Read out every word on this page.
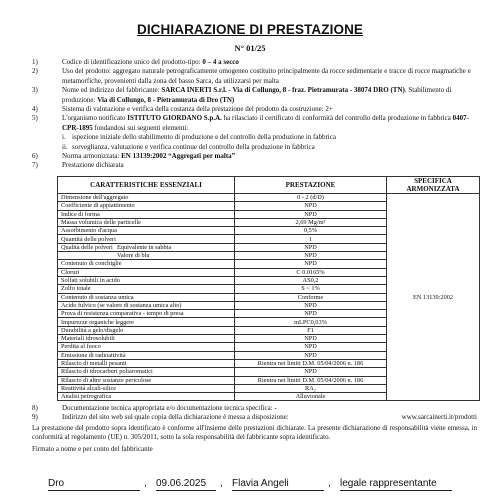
DICHIARAZIONE DI PRESTAZIONE
N° 01/25
1)	Codice di identificazione unico del prodotto-tipo: 0 – 4 a secco
2)	Uso del prodotto: aggregato naturale petrograficamente omogeneo costituito principalmente da rocce sedimentarie e tracce di rocce magmatiche e metamorfiche, provenienti dalla zona del basso Sarca, da utilizzarsi per malta
3)	Nome ed indirizzo del fabbricante: SARCA INERTI S.r.l. - Via di Collungo, 8 - fraz. Pietramurata - 38074 DRO (TN). Stabilimento di produzione: Via di Collungo, 8 - Pietramurata di Dro (TN)
4)	Sistema di valutazione e verifica della costanza della prestazione del prodotto da costruzione: 2+
5)	L'organismo notificato ISTITUTO GIORDANO S.p.A. ha rilasciato il certificato di conformità del controllo della produzione in fabbrica 0407-CPR-1895 fondandosi sui seguenti elementi:
i. ispezione iniziale dello stabilimento di produzione e del controllo della produzione in fabbrica
ii. sorveglianza, valutazione e verifica continue del controllo della produzione in fabbrica
6)	Norma armonizzata: EN 13139:2002 “Aggregati per malta”
7)	Prestazione dichiarata
CARATTERISTICHE ESSENZIALI	PRESTAZIONE	SPECIFICA ARMONIZZATA
Dimensione dell'aggregato	0 - 2 (d/D)	EN 13139:2002
Coefficiente di appiattimento	NPD	
Indice di forma	NPD	
Massa volumica delle particelle	2,69 Mg/m³	
Assorbimento d'acqua	0,5%	
Quantità delle polveri	1	
Qualità delle polveri Equivalente in sabbia	NPD	
Valore di blu	NPD	
Contenuto di conchiglie	NPD	
Cloruri	C 0.0165%	
Solfati solubili in acido	AS0,2	
Zolfo totale	S < 1%	
Contenuto di sostanza umica	Conforme	
Acido fulvico (se valore di sostanza umica alto)	NPD	
Prova di resistenza comparativa - tempo di presa	NPD	
Impurezze organiche leggere	mLPC0,03%	
Durabilità a gelo/disgelo	F1	
Materiali idrosolubili	NPD	
Perdita al fuoco	NPD	
Emissione di radioattività	NPD	
Rilascio di metalli pesanti	Rientra nei limiti D.M. 05/04/2006 n. 186	
Rilascio di idrocarburi poliaromatici	NPD	
Rilascio di altre sostanze pericolose	Rientra nei limiti D.M. 05/04/2006 n. 186	
Reattività alcali-silice	RA₂	
Analisi petrografica	Alluvionale	
8)	Documentazione tecnica appropriata e/o documentazione tecnica specifica: -
9)	Indirizzo del sito web sul quale copia della dichiarazione è messa a disposizione:	www.sarcainerti.it/prodotti
La prestazione del prodotto sopra identificato è conforme all'insieme delle prestazioni dichiarate. La presente dichiarazione di responsabilità viene emessa, in conformità al regolamento (UE) n. 305/2011, sotto la sola responsabilità del fabbricante sopra identificato.
Firmato a nome e per conto del fabbricante
Dro	, 09.06.2025	, Flavia Angeli	, legale rappresentante
